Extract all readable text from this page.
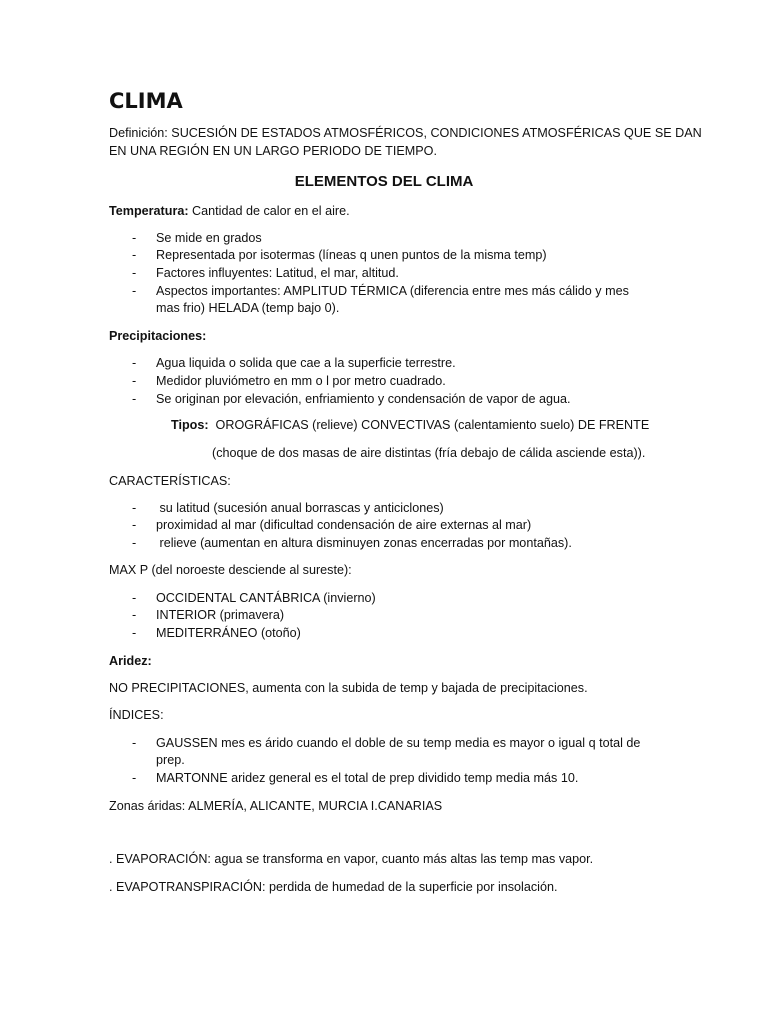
CLIMA
Definición: SUCESIÓN DE ESTADOS ATMOSFÉRICOS, CONDICIONES ATMOSFÉRICAS QUE SE DAN
EN UNA REGIÓN EN UN LARGO PERIODO DE TIEMPO.
ELEMENTOS DEL CLIMA
Temperatura: Cantidad de calor en el aire.
- Se mide en grados
- Representada por isotermas (líneas q unen puntos de la misma temp)
- Factores influyentes: Latitud, el mar, altitud.
- Aspectos importantes: AMPLITUD TÉRMICA (diferencia entre mes más cálido y mes
mas frio) HELADA (temp bajo 0).
Precipitaciones:
- Agua liquida o solida que cae a la superficie terrestre.
- Medidor pluviómetro en mm o l por metro cuadrado.
- Se originan por elevación, enfriamiento y condensación de vapor de agua.
Tipos:  OROGRÁFICAS (relieve) CONVECTIVAS (calentamiento suelo) DE FRENTE
(choque de dos masas de aire distintas (fría debajo de cálida asciende esta)).
CARACTERÍSTICAS:
- su latitud (sucesión anual borrascas y anticiclones)
- proximidad al mar (dificultad condensación de aire externas al mar)
- relieve (aumentan en altura disminuyen zonas encerradas por montañas).
MAX P (del noroeste desciende al sureste):
- OCCIDENTAL CANTÁBRICA (invierno)
- INTERIOR (primavera)
- MEDITERRÁNEO (otoño)
Aridez:
NO PRECIPITACIONES, aumenta con la subida de temp y bajada de precipitaciones.
ÍNDICES:
- GAUSSEN mes es árido cuando el doble de su temp media es mayor o igual q total de
prep.
- MARTONNE aridez general es el total de prep dividido temp media más 10.
Zonas áridas: ALMERÍA, ALICANTE, MURCIA I.CANARIAS
. EVAPORACIÓN: agua se transforma en vapor, cuanto más altas las temp mas vapor.
. EVAPOTRANSPIRACIÓN: perdida de humedad de la superficie por insolación.
